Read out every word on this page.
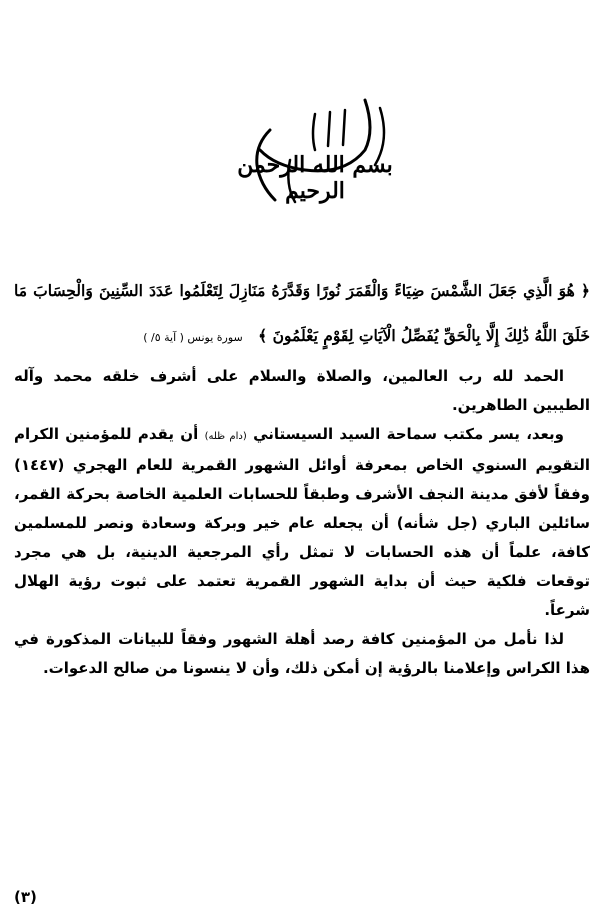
بسم الله الرحمن الرحيم
﴿ هُوَ الَّذِي جَعَلَ الشَّمْسَ ضِيَاءً وَالْقَمَرَ نُورًا وَقَدَّرَهُ مَنَازِلَ لِتَعْلَمُوا عَدَدَ السِّنِينَ وَالْحِسَابَ مَا خَلَقَ اللَّهُ ذَٰلِكَ إِلَّا بِالْحَقِّ يُفَصِّلُ الْآيَاتِ لِقَوْمٍ يَعْلَمُونَ ﴾ سورة يونس ( آية ٥/ )

الحمد لله رب العالمين، والصلاة والسلام على أشرف خلقه محمد وآله الطيبين الطاهرين.

وبعد، يسر مكتب سماحة السيد السيستاني (دام ظله) أن يقدم للمؤمنين الكرام التقويم السنوي الخاص بمعرفة أوائل الشهور القمرية للعام الهجري (١٤٤٧) وفقاً لأفق مدينة النجف الأشرف وطبقاً للحسابات العلمية الخاصة بحركة القمر، سائلين الباري (جل شأنه) أن يجعله عام خير وبركة وسعادة ونصر للمسلمين كافة، علماً أن هذه الحسابات لا تمثل رأي المرجعية الدينية، بل هي مجرد توقعات فلكية حيث أن بداية الشهور القمرية تعتمد على ثبوت رؤية الهلال شرعاً.

لذا نأمل من المؤمنين كافة رصد أهلة الشهور وفقاً للبيانات المذكورة في هذا الكراس وإعلامنا بالرؤية إن أمكن ذلك، وأن لا ينسونا من صالح الدعوات.

(٣)
